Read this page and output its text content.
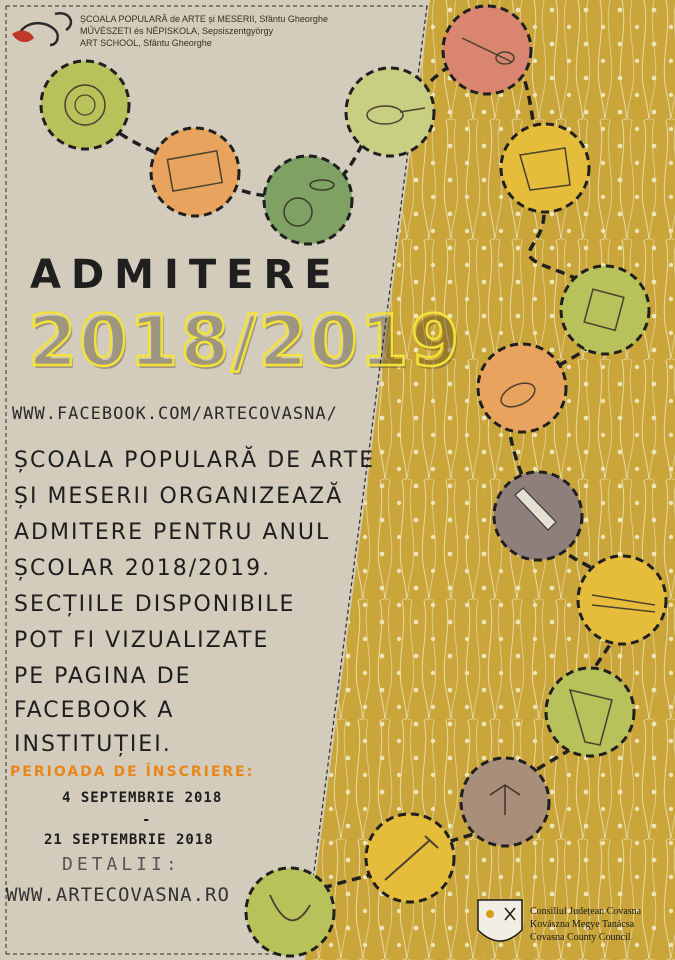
ȘCOALA POPULARĂ de ARTE și MESERII, Sfântu Gheorghe
MŰVÉSZETI és NÉPISKOLA, Sepsiszentgyörgy
ART SCHOOL, Sfântu Gheorghe
ADMITERE
2018/2019
WWW.FACEBOOK.COM/ARTECOVASNA/
ȘCOALA POPULARĂ DE ARTE
ȘI MESERII ORGANIZEAZĂ
ADMITERE PENTRU ANUL
ȘCOLAR 2018/2019.
SECȚIILE DISPONIBILE
POT FI VIZUALIZATE
PE PAGINA DE
FACEBOOK A
INSTITUȚIEI.
PERIOADA DE ÎNSCRIERE:
4 SEPTEMBRIE 2018
-
21 SEPTEMBRIE 2018
DETALII:
WWW.ARTECOVASNA.RO
Consiliul Județean Covasna
Kovászna Megye Tanácsa
Covasna County Council
